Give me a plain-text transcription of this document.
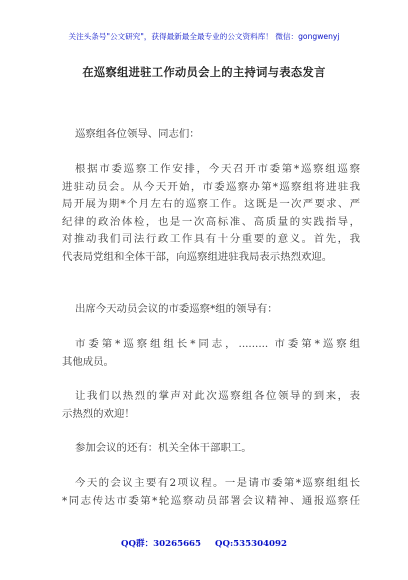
关注头条号"公文研究"，获得最新最全最专业的公文资料库！ 微信：gongwenyj
在巡察组进驻工作动员会上的主持词与表态发言
巡察组各位领导、同志们：
根据市委巡察工作安排，今天召开市委第*巡察组巡察
进驻动员会。从今天开始，市委巡察办第*巡察组将进驻我
局开展为期*个月左右的巡察工作。这既是一次严要求、严
纪律的政治体检，也是一次高标准、高质量的实践指导，
对推动我们司法行政工作具有十分重要的意义。首先，我
代表局党组和全体干部，向巡察组进驻我局表示热烈欢迎。
出席今天动员会议的市委巡察*组的领导有：
市委第*巡察组组长*同志，......... 市委第*巡察组
其他成员。
让我们以热烈的掌声对此次巡察组各位领导的到来，表
示热烈的欢迎！
参加会议的还有：机关全体干部职工。
今天的会议主要有2项议程。一是请市委第*巡察组组长
*同志传达市委第*轮巡察动员部署会议精神、通报巡察任
QQ群：30265665 QQ:535304092
